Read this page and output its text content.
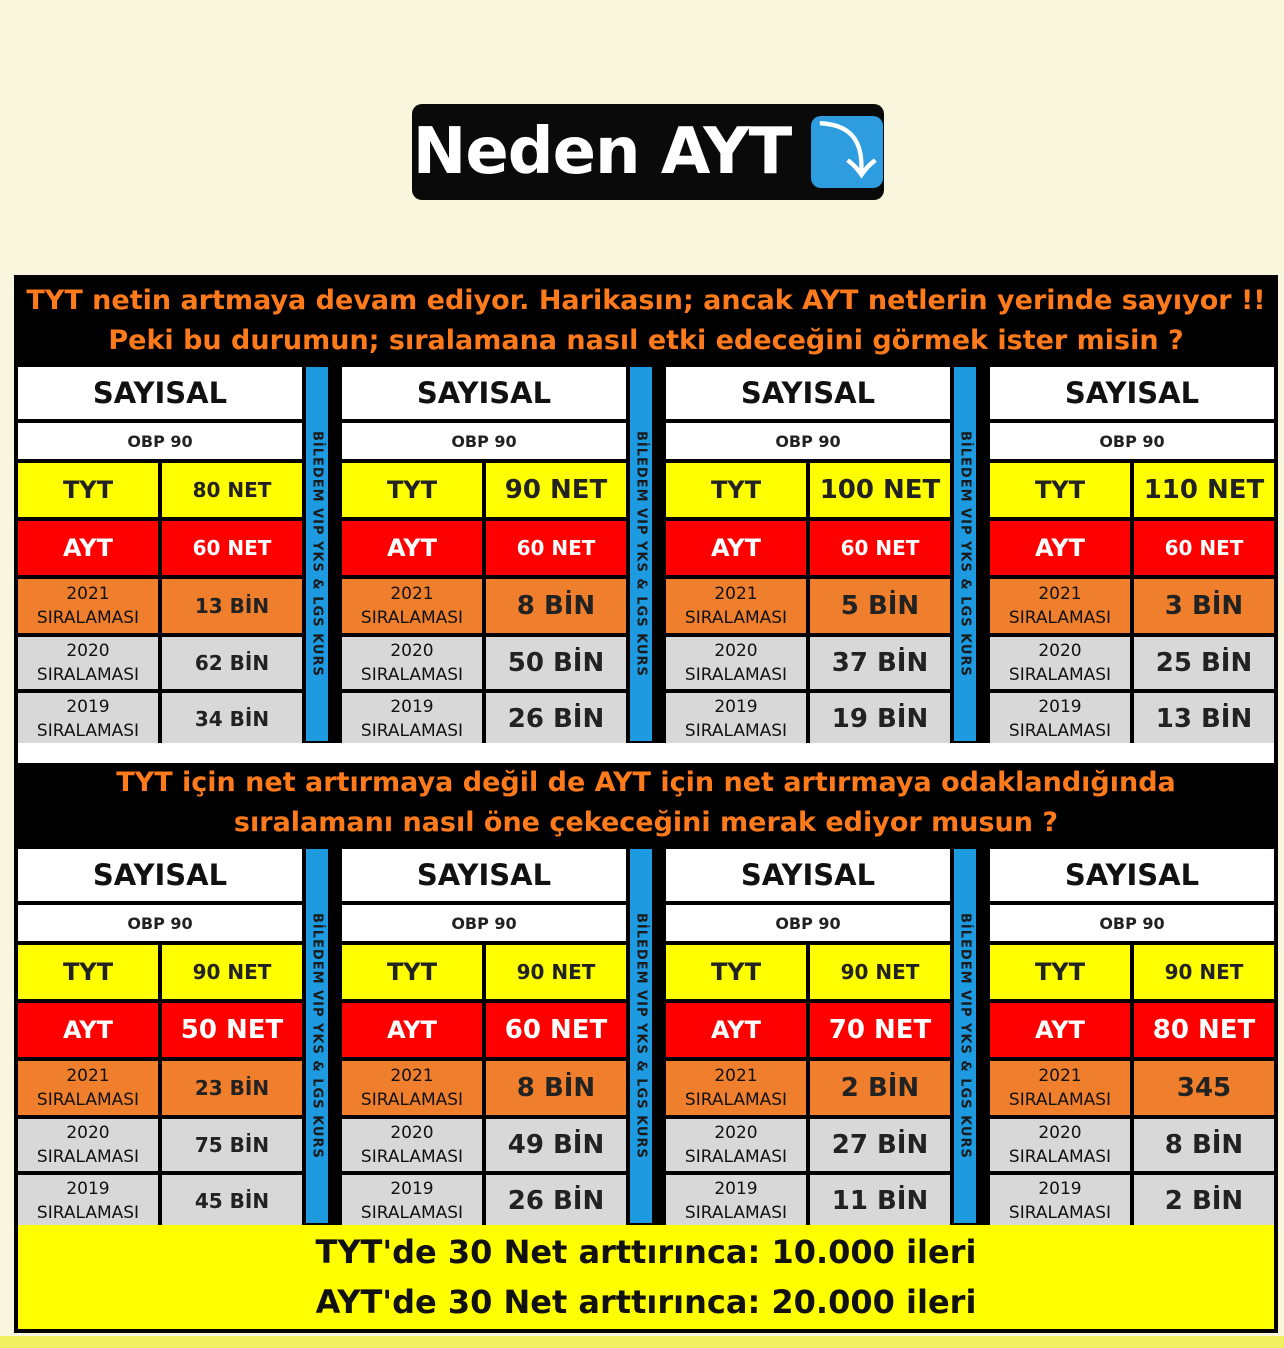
Neden AYT ⤵
TYT netin artmaya devam ediyor. Harikasın; ancak AYT netlerin yerinde sayıyor !!
Peki bu durumun; sıralamana nasıl etki edeceğini görmek ister misin ?
BİLEDEM VIP YKS & LGS KURS	BİLEDEM VIP YKS & LGS KURS	BİLEDEM VIP YKS & LGS KURS
SAYISAL
OBP 90
TYT	80 NET
AYT	60 NET
2021
SIRALAMASI	13 BİN
2020
SIRALAMASI	62 BİN
2019
SIRALAMASI	34 BİN
SAYISAL
OBP 90
TYT	90 NET
AYT	60 NET
2021
SIRALAMASI	8 BİN
2020
SIRALAMASI	50 BİN
2019
SIRALAMASI	26 BİN
SAYISAL
OBP 90
TYT	100 NET
AYT	60 NET
2021
SIRALAMASI	5 BİN
2020
SIRALAMASI	37 BİN
2019
SIRALAMASI	19 BİN
SAYISAL
OBP 90
TYT	110 NET
AYT	60 NET
2021
SIRALAMASI	3 BİN
2020
SIRALAMASI	25 BİN
2019
SIRALAMASI	13 BİN
TYT için net artırmaya değil de AYT için net artırmaya odaklandığında
sıralamanı nasıl öne çekeceğini merak ediyor musun ?
BİLEDEM VIP YKS & LGS KURS	BİLEDEM VIP YKS & LGS KURS	BİLEDEM VIP YKS & LGS KURS
SAYISAL
OBP 90
TYT	90 NET
AYT	50 NET
2021
SIRALAMASI	23 BİN
2020
SIRALAMASI	75 BİN
2019
SIRALAMASI	45 BİN
SAYISAL
OBP 90
TYT	90 NET
AYT	60 NET
2021
SIRALAMASI	8 BİN
2020
SIRALAMASI	49 BİN
2019
SIRALAMASI	26 BİN
SAYISAL
OBP 90
TYT	90 NET
AYT	70 NET
2021
SIRALAMASI	2 BİN
2020
SIRALAMASI	27 BİN
2019
SIRALAMASI	11 BİN
SAYISAL
OBP 90
TYT	90 NET
AYT	80 NET
2021
SIRALAMASI	345
2020
SIRALAMASI	8 BİN
2019
SIRALAMASI	2 BİN
TYT'de 30 Net arttırınca: 10.000 ileri
AYT'de 30 Net arttırınca: 20.000 ileri
